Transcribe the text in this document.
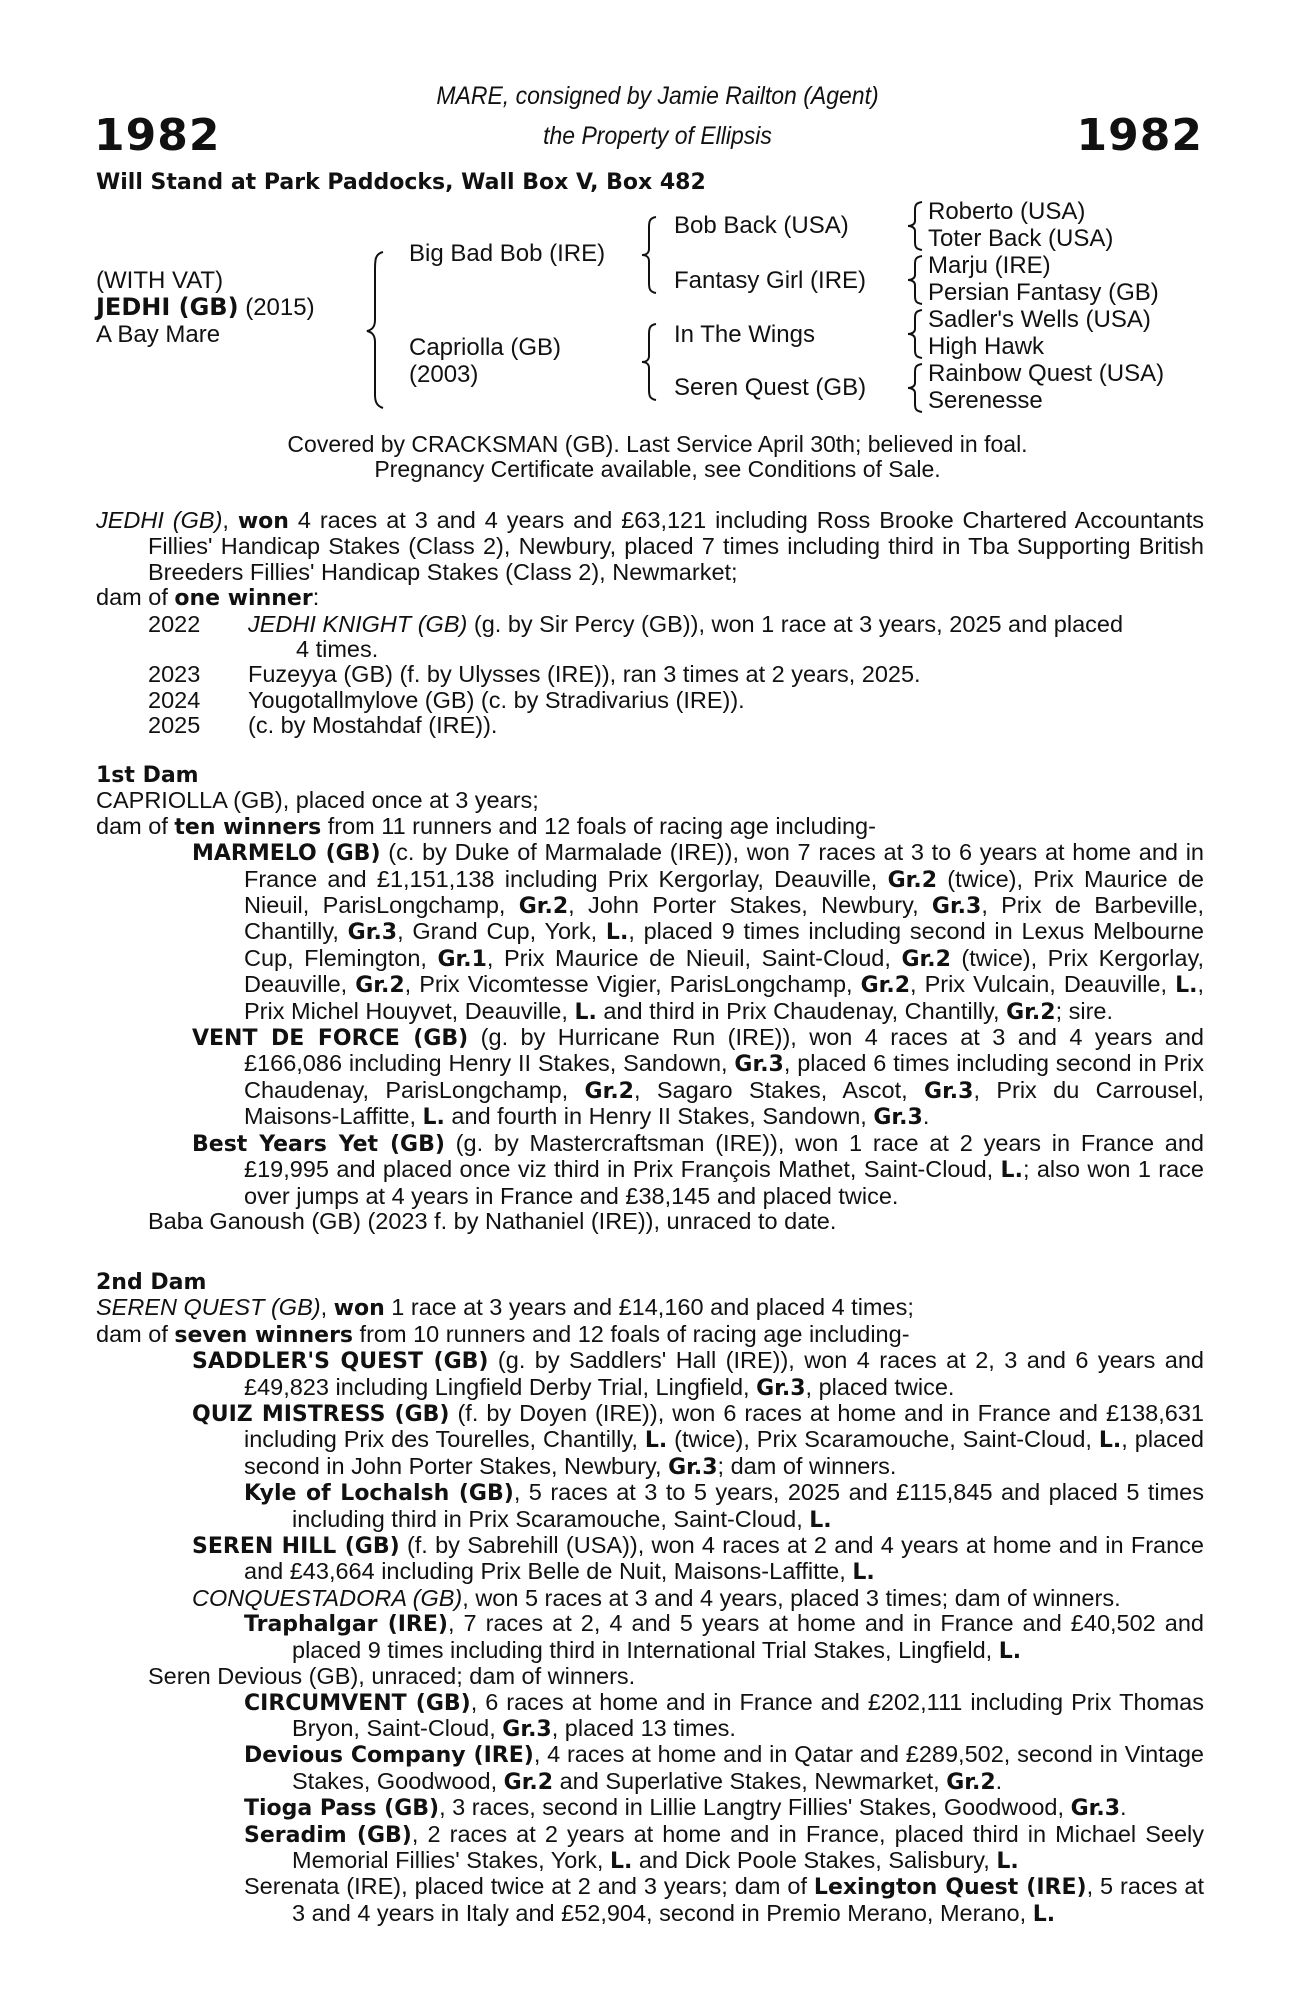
1982	1982
MARE, consigned by Jamie Railton (Agent)
the Property of Ellipsis
Will Stand at Park Paddocks, Wall Box V, Box 482
(WITH VAT)
JEDHI (GB) (2015)
A Bay Mare
Big Bad Bob (IRE)
Capriolla (GB)
(2003)
Bob Back (USA)
Fantasy Girl (IRE)
In The Wings
Seren Quest (GB)
Roberto (USA)
Toter Back (USA)
Marju (IRE)
Persian Fantasy (GB)
Sadler's Wells (USA)
High Hawk
Rainbow Quest (USA)
Serenesse
Covered by CRACKSMAN (GB). Last Service April 30th; believed in foal.
Pregnancy Certificate available, see Conditions of Sale.
JEDHI (GB), won 4 races at 3 and 4 years and £63,121 including Ross Brooke Chartered Accountants Fillies' Handicap Stakes (Class 2), Newbury, placed 7 times including third in Tba Supporting British Breeders Fillies' Handicap Stakes (Class 2), Newmarket;
dam of one winner:
2022	JEDHI KNIGHT (GB) (g. by Sir Percy (GB)), won 1 race at 3 years, 2025 and placed
4 times.
2023	Fuzeyya (GB) (f. by Ulysses (IRE)), ran 3 times at 2 years, 2025.
2024	Yougotallmylove (GB) (c. by Stradivarius (IRE)).
2025	(c. by Mostahdaf (IRE)).
1st Dam
CAPRIOLLA (GB), placed once at 3 years;
dam of ten winners from 11 runners and 12 foals of racing age including-
MARMELO (GB) (c. by Duke of Marmalade (IRE)), won 7 races at 3 to 6 years at home and in France and £1,151,138 including Prix Kergorlay, Deauville, Gr.2 (twice), Prix Maurice de Nieuil, ParisLongchamp, Gr.2, John Porter Stakes, Newbury, Gr.3, Prix de Barbeville, Chantilly, Gr.3, Grand Cup, York, L., placed 9 times including second in Lexus Melbourne Cup, Flemington, Gr.1, Prix Maurice de Nieuil, Saint-Cloud, Gr.2 (twice), Prix Kergorlay, Deauville, Gr.2, Prix Vicomtesse Vigier, ParisLongchamp, Gr.2, Prix Vulcain, Deauville, L., Prix Michel Houyvet, Deauville, L. and third in Prix Chaudenay, Chantilly, Gr.2; sire.
VENT DE FORCE (GB) (g. by Hurricane Run (IRE)), won 4 races at 3 and 4 years and £166,086 including Henry II Stakes, Sandown, Gr.3, placed 6 times including second in Prix Chaudenay, ParisLongchamp, Gr.2, Sagaro Stakes, Ascot, Gr.3, Prix du Carrousel, Maisons-Laffitte, L. and fourth in Henry II Stakes, Sandown, Gr.3.
Best Years Yet (GB) (g. by Mastercraftsman (IRE)), won 1 race at 2 years in France and £19,995 and placed once viz third in Prix François Mathet, Saint-Cloud, L.; also won 1 race over jumps at 4 years in France and £38,145 and placed twice.
Baba Ganoush (GB) (2023 f. by Nathaniel (IRE)), unraced to date.
2nd Dam
SEREN QUEST (GB), won 1 race at 3 years and £14,160 and placed 4 times;
dam of seven winners from 10 runners and 12 foals of racing age including-
SADDLER'S QUEST (GB) (g. by Saddlers' Hall (IRE)), won 4 races at 2, 3 and 6 years and £49,823 including Lingfield Derby Trial, Lingfield, Gr.3, placed twice.
QUIZ MISTRESS (GB) (f. by Doyen (IRE)), won 6 races at home and in France and £138,631 including Prix des Tourelles, Chantilly, L. (twice), Prix Scaramouche, Saint-Cloud, L., placed second in John Porter Stakes, Newbury, Gr.3; dam of winners.
Kyle of Lochalsh (GB), 5 races at 3 to 5 years, 2025 and £115,845 and placed 5 times including third in Prix Scaramouche, Saint-Cloud, L.
SEREN HILL (GB) (f. by Sabrehill (USA)), won 4 races at 2 and 4 years at home and in France and £43,664 including Prix Belle de Nuit, Maisons-Laffitte, L.
CONQUESTADORA (GB), won 5 races at 3 and 4 years, placed 3 times; dam of winners.
Traphalgar (IRE), 7 races at 2, 4 and 5 years at home and in France and £40,502 and placed 9 times including third in International Trial Stakes, Lingfield, L.
Seren Devious (GB), unraced; dam of winners.
CIRCUMVENT (GB), 6 races at home and in France and £202,111 including Prix Thomas Bryon, Saint-Cloud, Gr.3, placed 13 times.
Devious Company (IRE), 4 races at home and in Qatar and £289,502, second in Vintage Stakes, Goodwood, Gr.2 and Superlative Stakes, Newmarket, Gr.2.
Tioga Pass (GB), 3 races, second in Lillie Langtry Fillies' Stakes, Goodwood, Gr.3.
Seradim (GB), 2 races at 2 years at home and in France, placed third in Michael Seely Memorial Fillies' Stakes, York, L. and Dick Poole Stakes, Salisbury, L.
Serenata (IRE), placed twice at 2 and 3 years; dam of Lexington Quest (IRE), 5 races at 3 and 4 years in Italy and £52,904, second in Premio Merano, Merano, L.
